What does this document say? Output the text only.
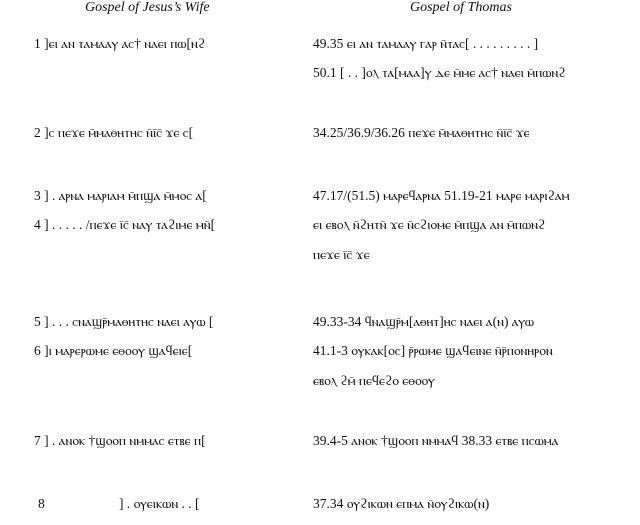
Gospel of Jesus’s Wife	Gospel of Thomas
1 ]ⲉⲓ ⲁⲛ ⲧⲁⲙⲁⲁⲩ ⲁⲥ† ⲛⲁⲉⲓ ⲡⲱ[ⲛϩ
2 ]ⲥ ⲡⲉϫⲉ ⲙ̄ⲙⲁⲑⲏⲧⲏⲥ ⲛ̄ⲓ̄ⲥ̄ ϫⲉ ⲥ[
3 ] . ⲁⲣⲛⲁ ⲙⲁⲣⲓⲁⲙ ⲙ̄ⲡϣⲁ ⲙ̄ⲙⲟⲥ ⲁ[
4 ] . . . . . /ⲡⲉϫⲉ ⲓ̄ⲥ̄ ⲛⲁⲩ ⲧⲁϩⲓⲙⲉ ⲙⲛ̄[
5 ] . . . ⲥⲛⲁϣⲣ̄ⲙⲁⲑⲏⲧⲏⲥ ⲛⲁⲉⲓ ⲁⲩⲱ [
6 ]ⲓ ⲙⲁⲣⲉⲣⲱⲙⲉ ⲉⲑⲟⲟⲩ ϣⲁϥⲉⲓⲉ[
7 ] . ⲁⲛⲟⲕ †ϣⲟⲟⲡ ⲛⲙⲙⲁⲥ ⲉⲧⲃⲉ ⲡ[
8	] . ⲟⲩⲉⲓⲕⲱⲛ . . [
49.35 ⲉⲓ ⲁⲛ ⲧⲁⲙⲁⲁⲩ ⲅⲁⲣ ⲛ̄ⲧⲁⲥ[ . . . . . . . . . ]
50.1 [ . . ]ⲟⲗ ⲧⲁ[ⲙⲁⲁ]ⲩ ⲇⲉ ⲙ̄ⲙⲉ ⲁⲥ† ⲛⲁⲉⲓ ⲙ̄ⲡⲱⲛϩ
34.25/36.9/36.26 ⲡⲉϫⲉ ⲙ̄ⲙⲁⲑⲏⲧⲏⲥ ⲛ̄ⲓ̄ⲥ̄ ϫⲉ
47.17/(51.5) ⲙⲁⲣⲉϥⲁⲣⲛⲁ 51.19-21 ⲙⲁⲣⲉ ⲙⲁⲣⲓϩⲁⲙ
ⲉⲓ ⲉⲃⲟⲗ ⲛ̄ϩⲏⲧⲛ̄ ϫⲉ ⲛ̄ⲥϩⲓⲟⲙⲉ ⲙ̄ⲡϣⲁ ⲁⲛ ⲙ̄ⲡⲱⲛϩ
ⲡⲉϫⲉ ⲓ̄ⲥ̄ ϫⲉ
49.33-34 ϥⲛⲁϣⲣ̄ⲙ[ⲁⲑⲏⲧ]ⲏⲥ ⲛⲁⲉⲓ ⲁ(ⲛ) ⲁⲩⲱ
41.1-3 ⲟⲩⲕⲁⲕ[ⲟⲥ] ⲣ̄ⲣⲱⲙⲉ ϣⲁϥⲉⲓⲛⲉ ⲛ̄ⲣ̄ⲡⲟⲛⲏⲣⲟⲛ
ⲉⲃⲟⲗ ϩⲙ̄ ⲡⲉϥⲉϩⲟ ⲉⲑⲟⲟⲩ
39.4-5 ⲁⲛⲟⲕ †ϣⲟⲟⲡ ⲛⲙⲙⲁϥ 38.33 ⲉⲧⲃⲉ ⲡⲥⲱⲙⲁ
37.34 ⲟⲩϩⲓⲕⲱⲛ ⲉⲡⲙⲁ ⲛ̄ⲟⲩϩⲓⲕⲱ(ⲛ)
